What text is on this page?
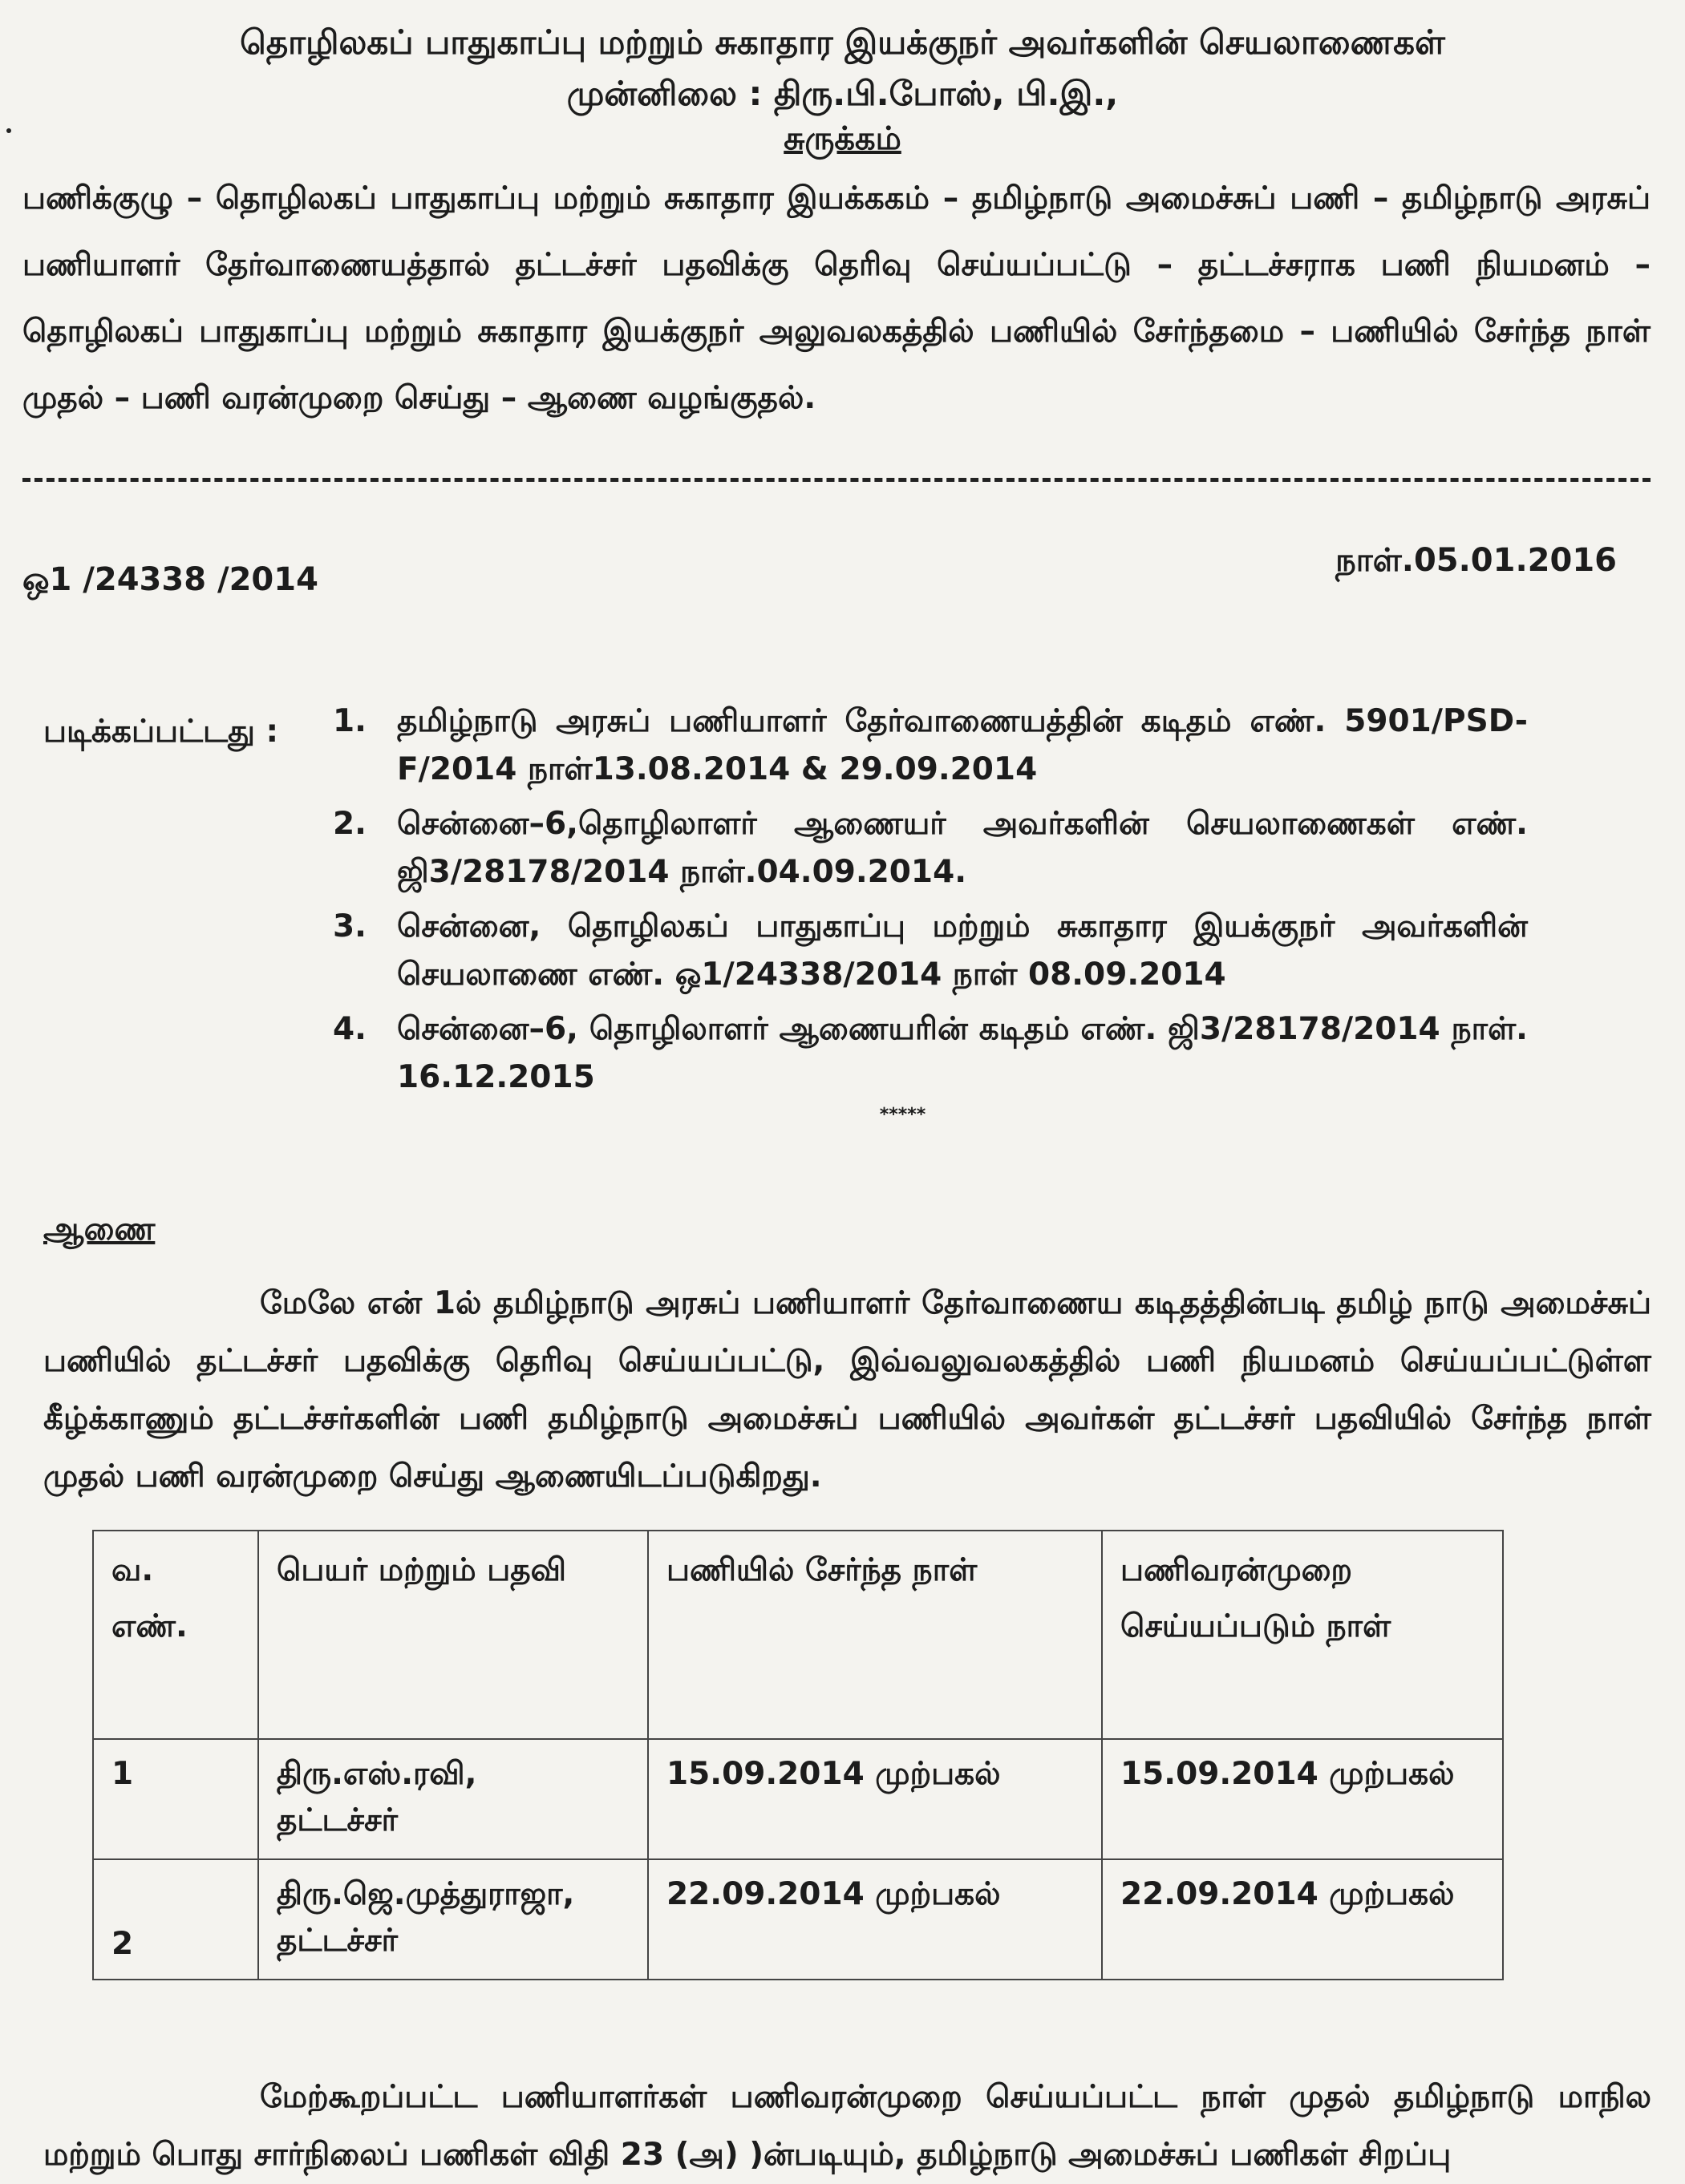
தொழிலகப் பாதுகாப்பு மற்றும் சுகாதார இயக்குநர் அவர்களின் செயலாணைகள்
முன்னிலை : திரு.பி.போஸ், பி.இ.,
சுருக்கம்
பணிக்குழு – தொழிலகப் பாதுகாப்பு மற்றும் சுகாதார இயக்ககம் – தமிழ்நாடு அமைச்சுப் பணி – தமிழ்நாடு அரசுப் பணியாளர் தேர்வாணையத்தால் தட்டச்சர் பதவிக்கு தெரிவு செய்யப்பட்டு – தட்டச்சராக பணி நியமனம் – தொழிலகப் பாதுகாப்பு மற்றும் சுகாதார இயக்குநர் அலுவலகத்தில் பணியில் சேர்ந்தமை – பணியில் சேர்ந்த நாள் முதல் – பணி வரன்முறை செய்து – ஆணை வழங்குதல்.
ஒ1 /24338 /2014
நாள்.05.01.2016
படிக்கப்பட்டது : 1. தமிழ்நாடு அரசுப் பணியாளர் தேர்வாணையத்தின் கடிதம் எண். 5901/PSD-F/2014 நாள்13.08.2014 & 29.09.2014
2. சென்னை–6,தொழிலாளர் ஆணையர் அவர்களின் செயலாணைகள் எண். ஜி3/28178/2014 நாள்.04.09.2014.
3. சென்னை, தொழிலகப் பாதுகாப்பு மற்றும் சுகாதார இயக்குநர் அவர்களின் செயலாணை எண். ஒ1/24338/2014 நாள் 08.09.2014
4. சென்னை–6, தொழிலாளர் ஆணையரின் கடிதம் எண். ஜி3/28178/2014 நாள். 16.12.2015
*****
ஆணை
மேலே என் 1ல் தமிழ்நாடு அரசுப் பணியாளர் தேர்வாணைய கடிதத்தின்படி தமிழ் நாடு அமைச்சுப் பணியில் தட்டச்சர் பதவிக்கு தெரிவு செய்யப்பட்டு, இவ்வலுவலகத்தில் பணி நியமனம் செய்யப்பட்டுள்ள கீழ்க்காணும் தட்டச்சர்களின் பணி தமிழ்நாடு அமைச்சுப் பணியில் அவர்கள் தட்டச்சர் பதவியில் சேர்ந்த நாள் முதல் பணி வரன்முறை செய்து ஆணையிடப்படுகிறது.
வ.
எண்.	பெயர் மற்றும் பதவி	பணியில் சேர்ந்த நாள்	பணிவரன்முறை செய்யப்படும் நாள்
1	திரு.எஸ்.ரவி,
தட்டச்சர்	15.09.2014 முற்பகல்	15.09.2014 முற்பகல்
2	திரு.ஜெ.முத்துராஜா,
தட்டச்சர்	22.09.2014 முற்பகல்	22.09.2014 முற்பகல்
மேற்கூறப்பட்ட பணியாளர்கள் பணிவரன்முறை செய்யப்பட்ட நாள் முதல் தமிழ்நாடு மாநில மற்றும் பொது சார்நிலைப் பணிகள் விதி 23 (அ) )ன்படியும், தமிழ்நாடு அமைச்சுப் பணிகள் சிறப்பு
